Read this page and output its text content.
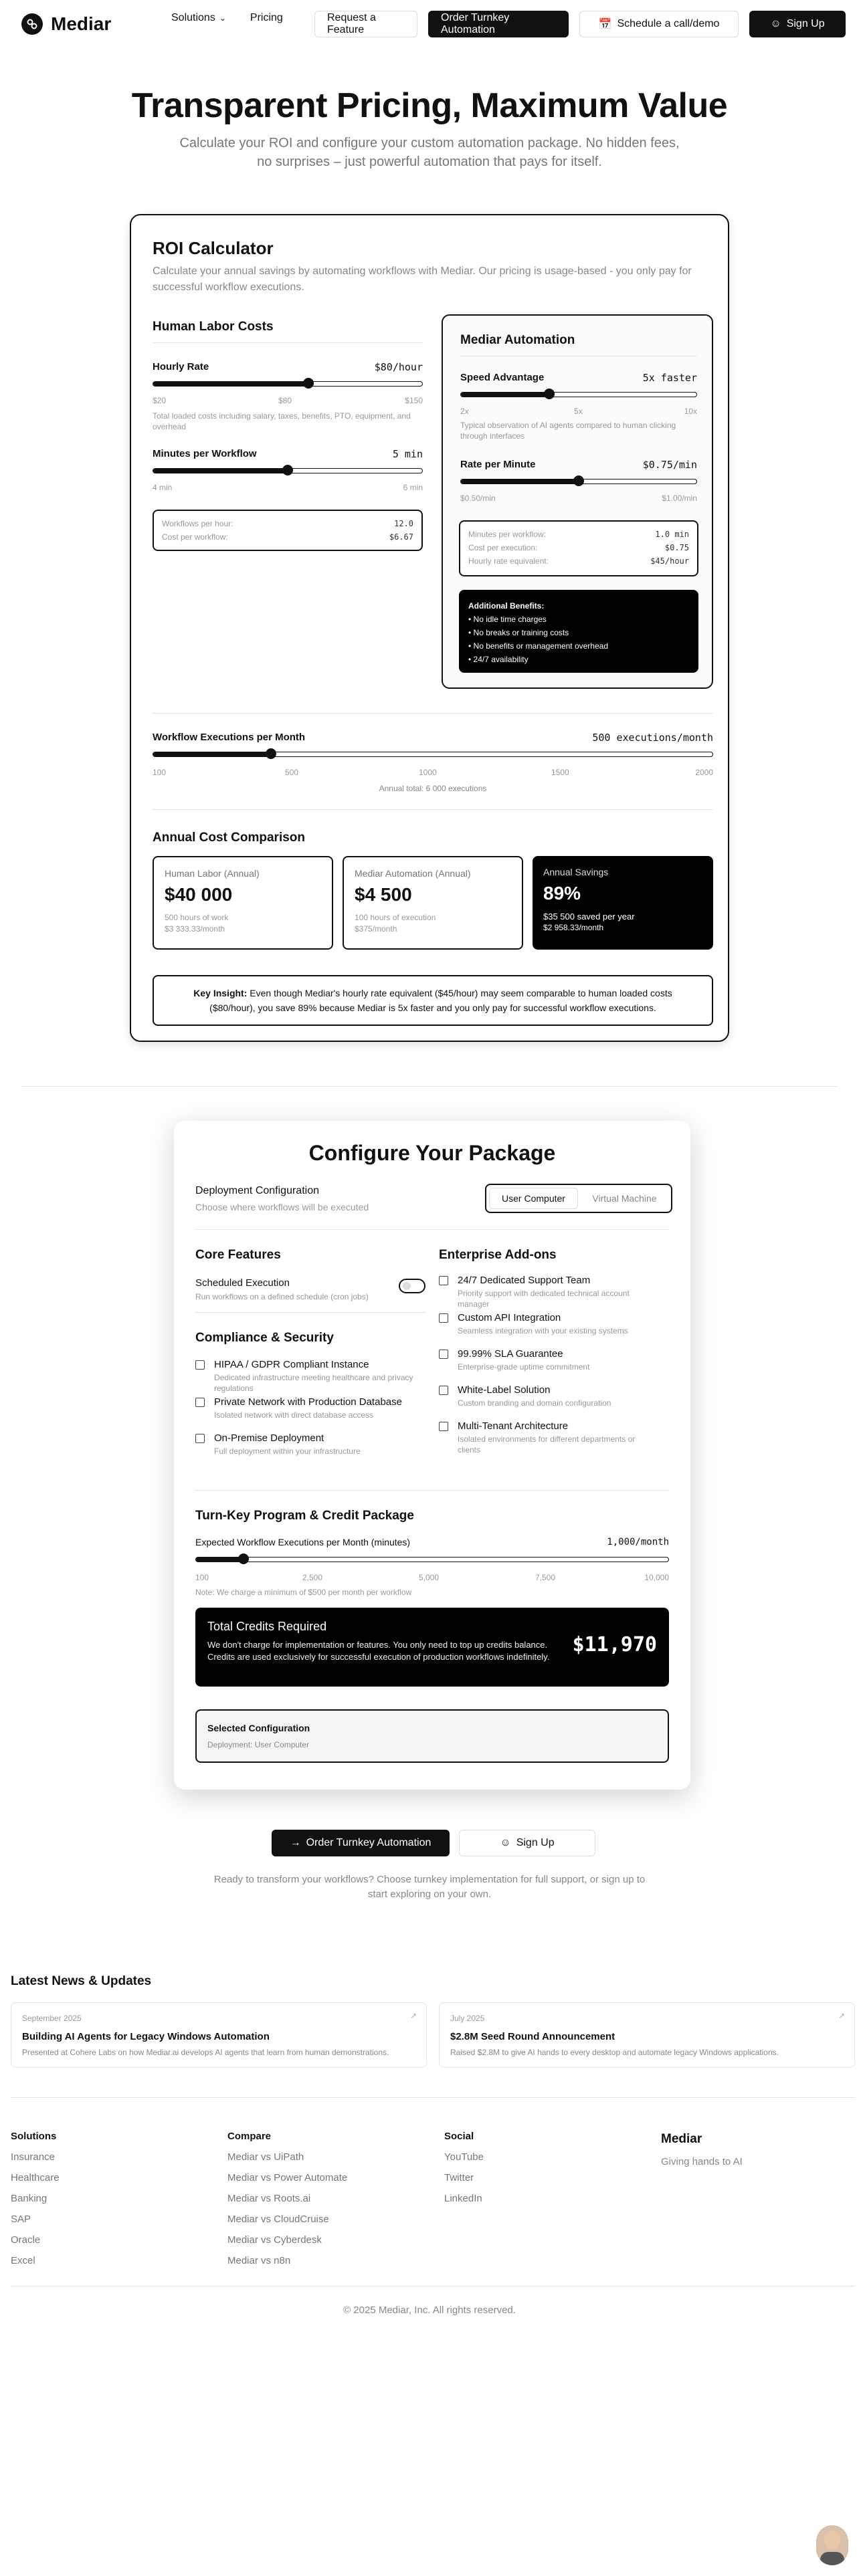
Mediar	Solutions ⌄ Pricing	Request a Feature
Order Turnkey Automation	📅 Schedule a call/demo	☺ Sign Up
Transparent Pricing, Maximum Value

Calculate your ROI and configure your custom automation package. No hidden fees, no surprises – just powerful automation that pays for itself.

ROI Calculator

Calculate your annual savings by automating workflows with Mediar. Our pricing is usage-based - you only pay for successful workflow executions.

Human Labor Costs
Hourly Rate	$80/hour
$20	$80	$150
Total loaded costs including salary, taxes, benefits, PTO, equipment, and overhead
Minutes per Workflow	5 min
4 min	6 min
Workflows per hour:	12.0
Cost per workflow:	$6.67
Mediar Automation
Speed Advantage	5x faster
2x	5x	10x
Typical observation of AI agents compared to human clicking through interfaces
Rate per Minute	$0.75/min
$0.50/min	$1.00/min
Minutes per workflow:	1.0 min
Cost per execution:	$0.75
Hourly rate equivalent:	$45/hour
Additional Benefits:
• No idle time charges
• No breaks or training costs
• No benefits or management overhead
• 24/7 availability
Workflow Executions per Month	500 executions/month
100	500	1000	1500	2000
Annual total: 6 000 executions
Annual Cost Comparison
Human Labor (Annual)
$40 000
500 hours of work
$3 333.33/month
Mediar Automation (Annual)
$4 500
100 hours of execution
$375/month
Annual Savings
89%
$35 500 saved per year
$2 958.33/month
Key Insight: Even though Mediar's hourly rate equivalent ($45/hour) may seem comparable to human loaded costs ($80/hour), you save 89% because Mediar is 5x faster and you only pay for successful workflow executions.
Configure Your Package
Deployment Configuration
Choose where workflows will be executed
User Computer	Virtual Machine
Core Features
Scheduled Execution
Run workflows on a defined schedule (cron jobs)
Compliance & Security
HIPAA / GDPR Compliant Instance
Dedicated infrastructure meeting healthcare and privacy regulations
Private Network with Production Database
Isolated network with direct database access
On-Premise Deployment
Full deployment within your infrastructure
Enterprise Add-ons
24/7 Dedicated Support Team
Priority support with dedicated technical account manager
Custom API Integration
Seamless integration with your existing systems
99.99% SLA Guarantee
Enterprise-grade uptime commitment
White-Label Solution
Custom branding and domain configuration
Multi-Tenant Architecture
Isolated environments for different departments or clients
Turn-Key Program & Credit Package
Expected Workflow Executions per Month (minutes)	1,000/month
100	2,500	5,000	7,500	10,000
Note: We charge a minimum of $500 per month per workflow
Total Credits Required
We don't charge for implementation or features. You only need to top up credits balance. Credits are used exclusively for successful execution of production workflows indefinitely.
$11,970
Selected Configuration
Deployment: User Computer
→ Order Turnkey Automation	☺ Sign Up
Ready to transform your workflows? Choose turnkey implementation for full support, or sign up to start exploring on your own.
Latest News & Updates
September 2025
Building AI Agents for Legacy Windows Automation
Presented at Cohere Labs on how Mediar.ai develops AI agents that learn from human demonstrations.
↗	July 2025
$2.8M Seed Round Announcement
Raised $2.8M to give AI hands to every desktop and automate legacy Windows applications.
↗
Solutions
Insurance
Healthcare
Banking
SAP
Oracle
Excel
Compare
Mediar vs UiPath
Mediar vs Power Automate
Mediar vs Roots.ai
Mediar vs CloudCruise
Mediar vs Cyberdesk
Mediar vs n8n
Social
YouTube
Twitter
LinkedIn
Mediar
Giving hands to AI
© 2025 Mediar, Inc. All rights reserved.
